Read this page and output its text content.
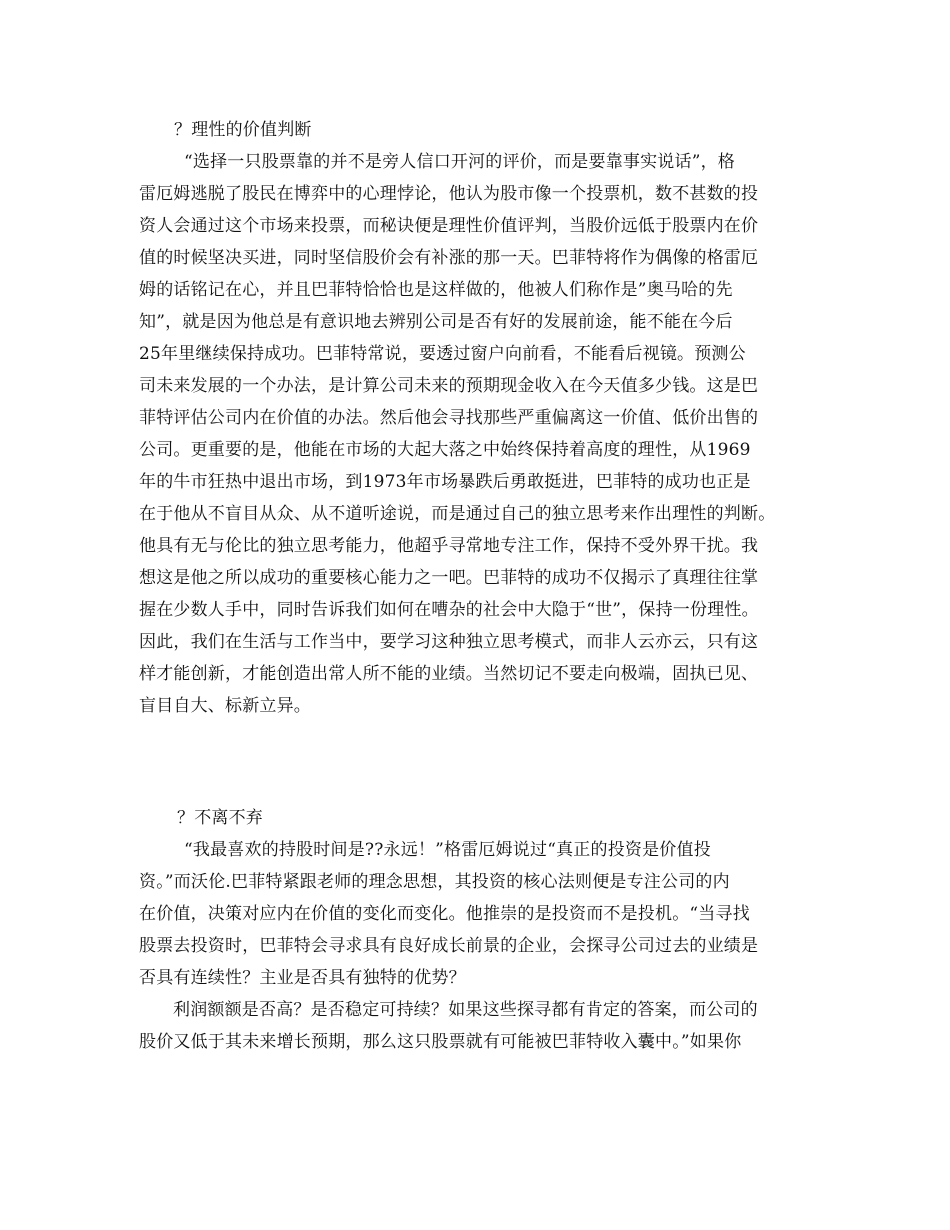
？理性的价值判断
“选择一只股票靠的并不是旁人信口开河的评价，而是要靠事实说话”，格
雷厄姆逃脱了股民在博弈中的心理悖论，他认为股市像一个投票机，数不甚数的投
资人会通过这个市场来投票，而秘诀便是理性价值评判，当股价远低于股票内在价
值的时候坚决买进，同时坚信股价会有补涨的那一天。巴菲特将作为偶像的格雷厄
姆的话铭记在心，并且巴菲特恰恰也是这样做的，他被人们称作是”奥马哈的先
知”，就是因为他总是有意识地去辨别公司是否有好的发展前途，能不能在今后
25年里继续保持成功。巴菲特常说，要透过窗户向前看，不能看后视镜。预测公
司未来发展的一个办法，是计算公司未来的预期现金收入在今天值多少钱。这是巴
菲特评估公司内在价值的办法。然后他会寻找那些严重偏离这一价值、低价出售的
公司。更重要的是，他能在市场的大起大落之中始终保持着高度的理性，从1969
年的牛市狂热中退出市场，到1973年市场暴跌后勇敢挺进，巴菲特的成功也正是
在于他从不盲目从众、从不道听途说，而是通过自己的独立思考来作出理性的判断。
他具有无与伦比的独立思考能力，他超乎寻常地专注工作，保持不受外界干扰。我
想这是他之所以成功的重要核心能力之一吧。巴菲特的成功不仅揭示了真理往往掌
握在少数人手中，同时告诉我们如何在嘈杂的社会中大隐于“世”，保持一份理性。
因此，我们在生活与工作当中，要学习这种独立思考模式，而非人云亦云，只有这
样才能创新，才能创造出常人所不能的业绩。当然切记不要走向极端，固执已见、
盲目自大、标新立异。
？不离不弃
“我最喜欢的持股时间是??永远！”格雷厄姆说过“真正的投资是价值投
资。”而沃伦.巴菲特紧跟老师的理念思想，其投资的核心法则便是专注公司的内
在价值，决策对应内在价值的变化而变化。他推崇的是投资而不是投机。“当寻找
股票去投资时，巴菲特会寻求具有良好成长前景的企业，会探寻公司过去的业绩是
否具有连续性？主业是否具有独特的优势？
利润额额是否高？是否稳定可持续？如果这些探寻都有肯定的答案，而公司的
股价又低于其未来增长预期，那么这只股票就有可能被巴菲特收入囊中。”如果你
